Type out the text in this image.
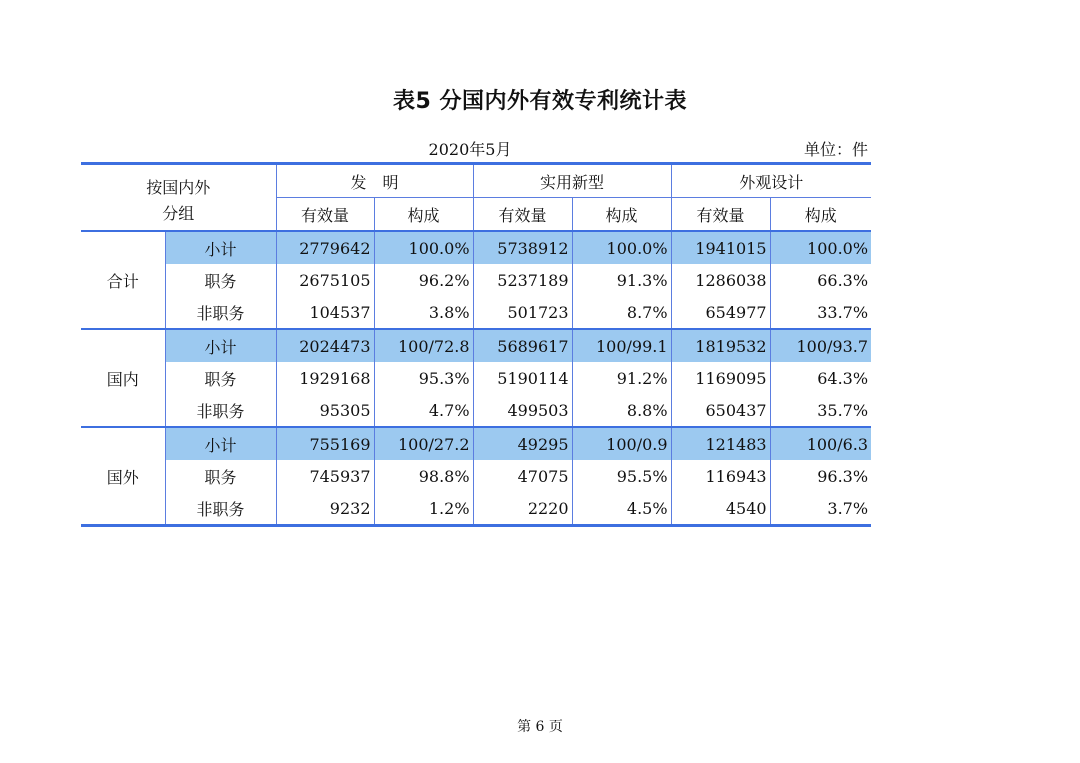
表5 分国内外有效专利统计表
2020年5月	单位：件
按国内外
分组		发　明		实用新型		外观设计	
		有效量	构成	有效量	构成	有效量	构成
合计	小计	2779642	100.0%	5738912	100.0%	1941015	100.0%
	职务	2675105	96.2%	5237189	91.3%	1286038	66.3%
	非职务	104537	3.8%	501723	8.7%	654977	33.7%
国内	小计	2024473	100/72.8	5689617	100/99.1	1819532	100/93.7
	职务	1929168	95.3%	5190114	91.2%	1169095	64.3%
	非职务	95305	4.7%	499503	8.8%	650437	35.7%
国外	小计	755169	100/27.2	49295	100/0.9	121483	100/6.3
	职务	745937	98.8%	47075	95.5%	116943	96.3%
	非职务	9232	1.2%	2220	4.5%	4540	3.7%
第 6 页
